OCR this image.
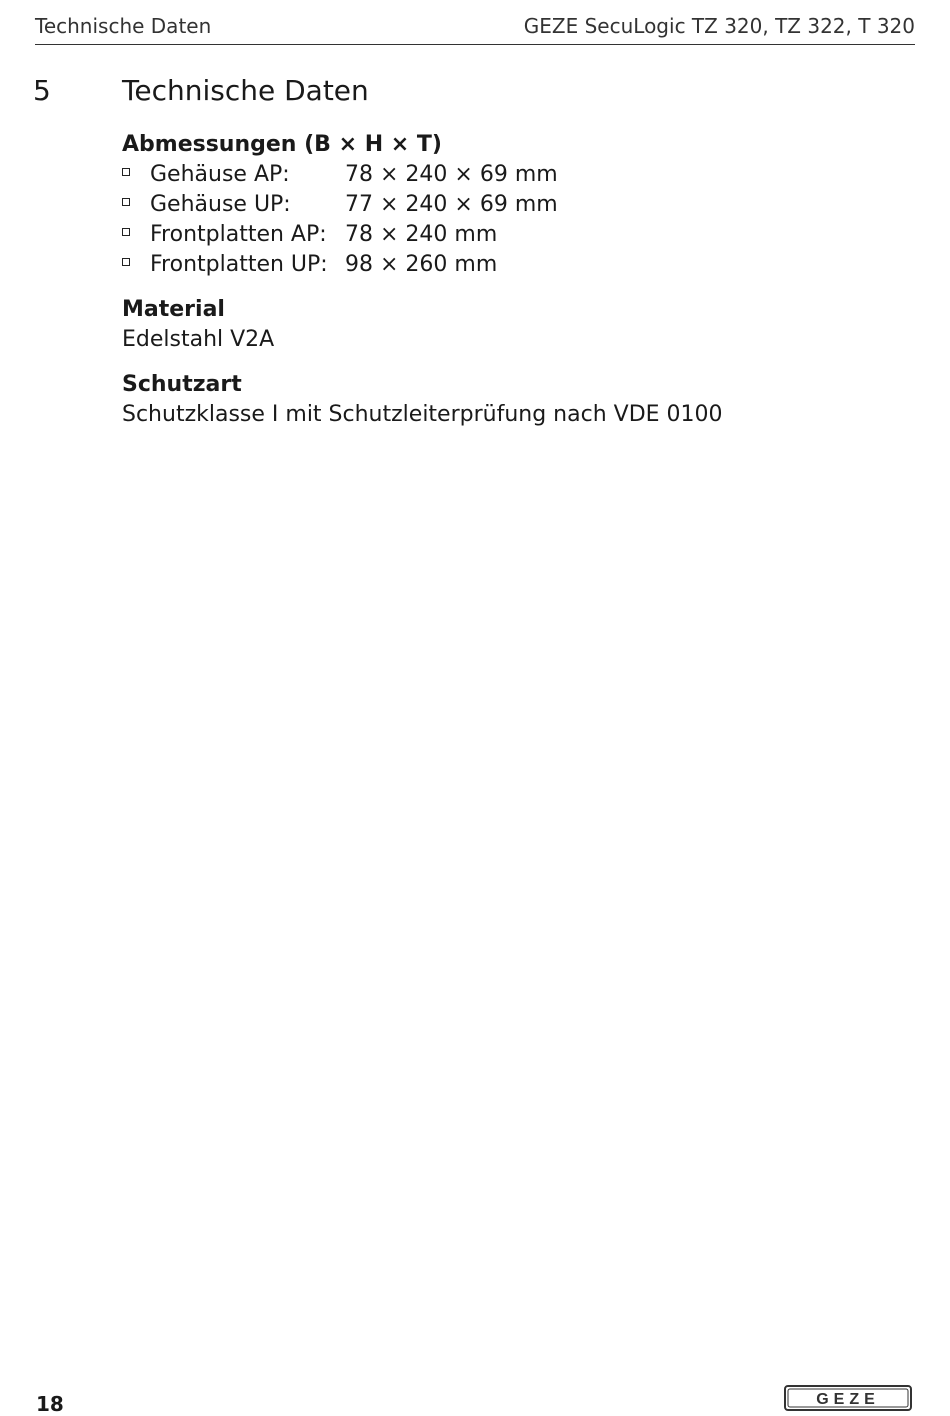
Technische Daten	GEZE SecuLogic TZ 320, TZ 322, T 320
5	Technische Daten
Abmessungen (B × H × T)
Gehäuse AP:	78 × 240 × 69 mm
Gehäuse UP:	77 × 240 × 69 mm
Frontplatten AP: 78 × 240 mm
Frontplatten UP: 98 × 260 mm
Material
Edelstahl V2A
Schutzart
Schutzklasse I mit Schutzleiterprüfung nach VDE 0100
18	GEZE
